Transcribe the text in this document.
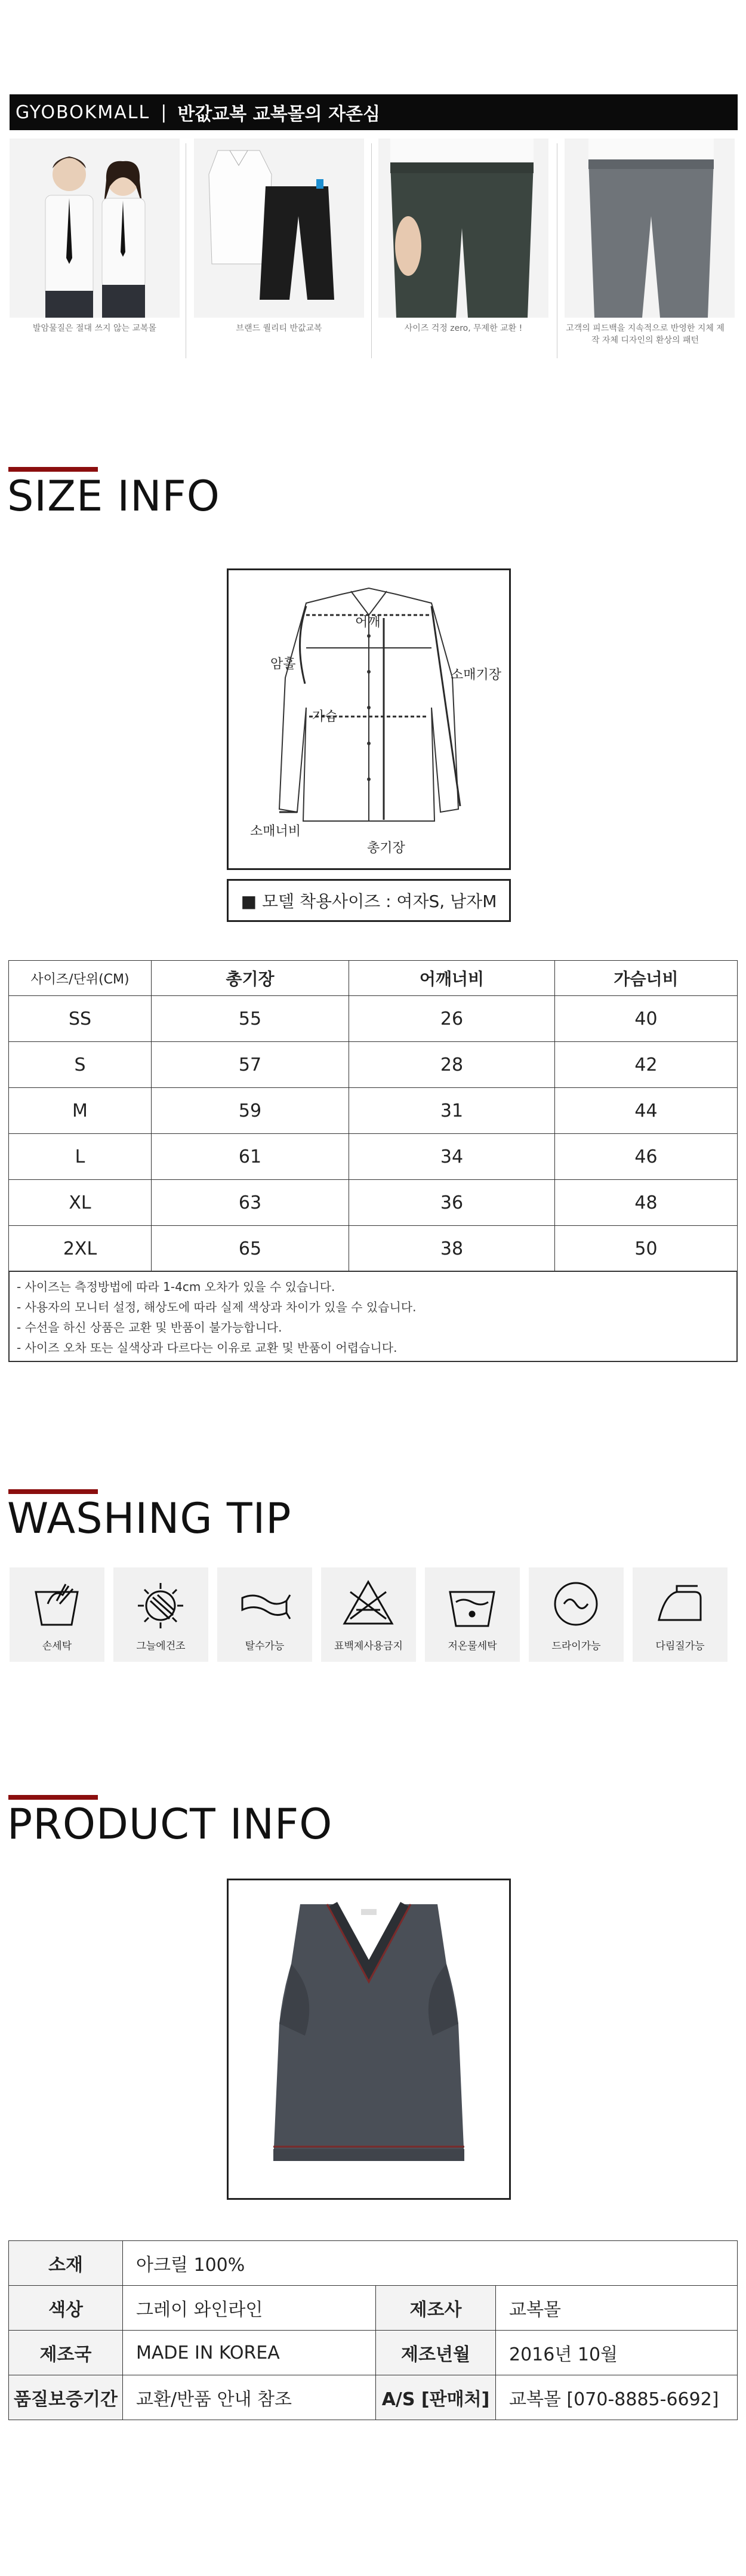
GYOBOKMALL | 반값교복 교복몰의 자존심
발암물질은 절대 쓰지 않는 교복몰	브랜드 퀄리티 반값교복	사이즈 걱정 zero, 무제한 교환 !	고객의 피드백을 지속적으로 반영한 지체 제작 자체 디자인의 환상의 패턴
SIZE INFO
어깨
암홀
소매기장
가슴
소매너비
총기장
■ 모델 착용사이즈 : 여자S, 남자M
사이즈/단위(CM)	총기장	어깨너비	가슴너비
SS	55	26	40
S	57	28	42
M	59	31	44
L	61	34	46
XL	63	36	48
2XL	65	38	50
- 사이즈는 측정방법에 따라 1-4cm 오차가 있을 수 있습니다.
- 사용자의 모니터 설정, 해상도에 따라 실제 색상과 차이가 있을 수 있습니다.
- 수선을 하신 상품은 교환 및 반품이 불가능합니다.
- 사이즈 오차 또는 실색상과 다르다는 이유로 교환 및 반품이 어렵습니다.
WASHING TIP
손세탁	그늘에건조	탈수가능	표백제사용금지	저온물세탁	드라이가능	다림질가능
PRODUCT INFO
소재	아크릴 100%		
색상	그레이 와인라인	제조사	교복몰
제조국	MADE IN KOREA	제조년월	2016년 10월
품질보증기간	교환/반품 안내 참조	A/S [판매처]	교복몰 [070-8885-6692]
